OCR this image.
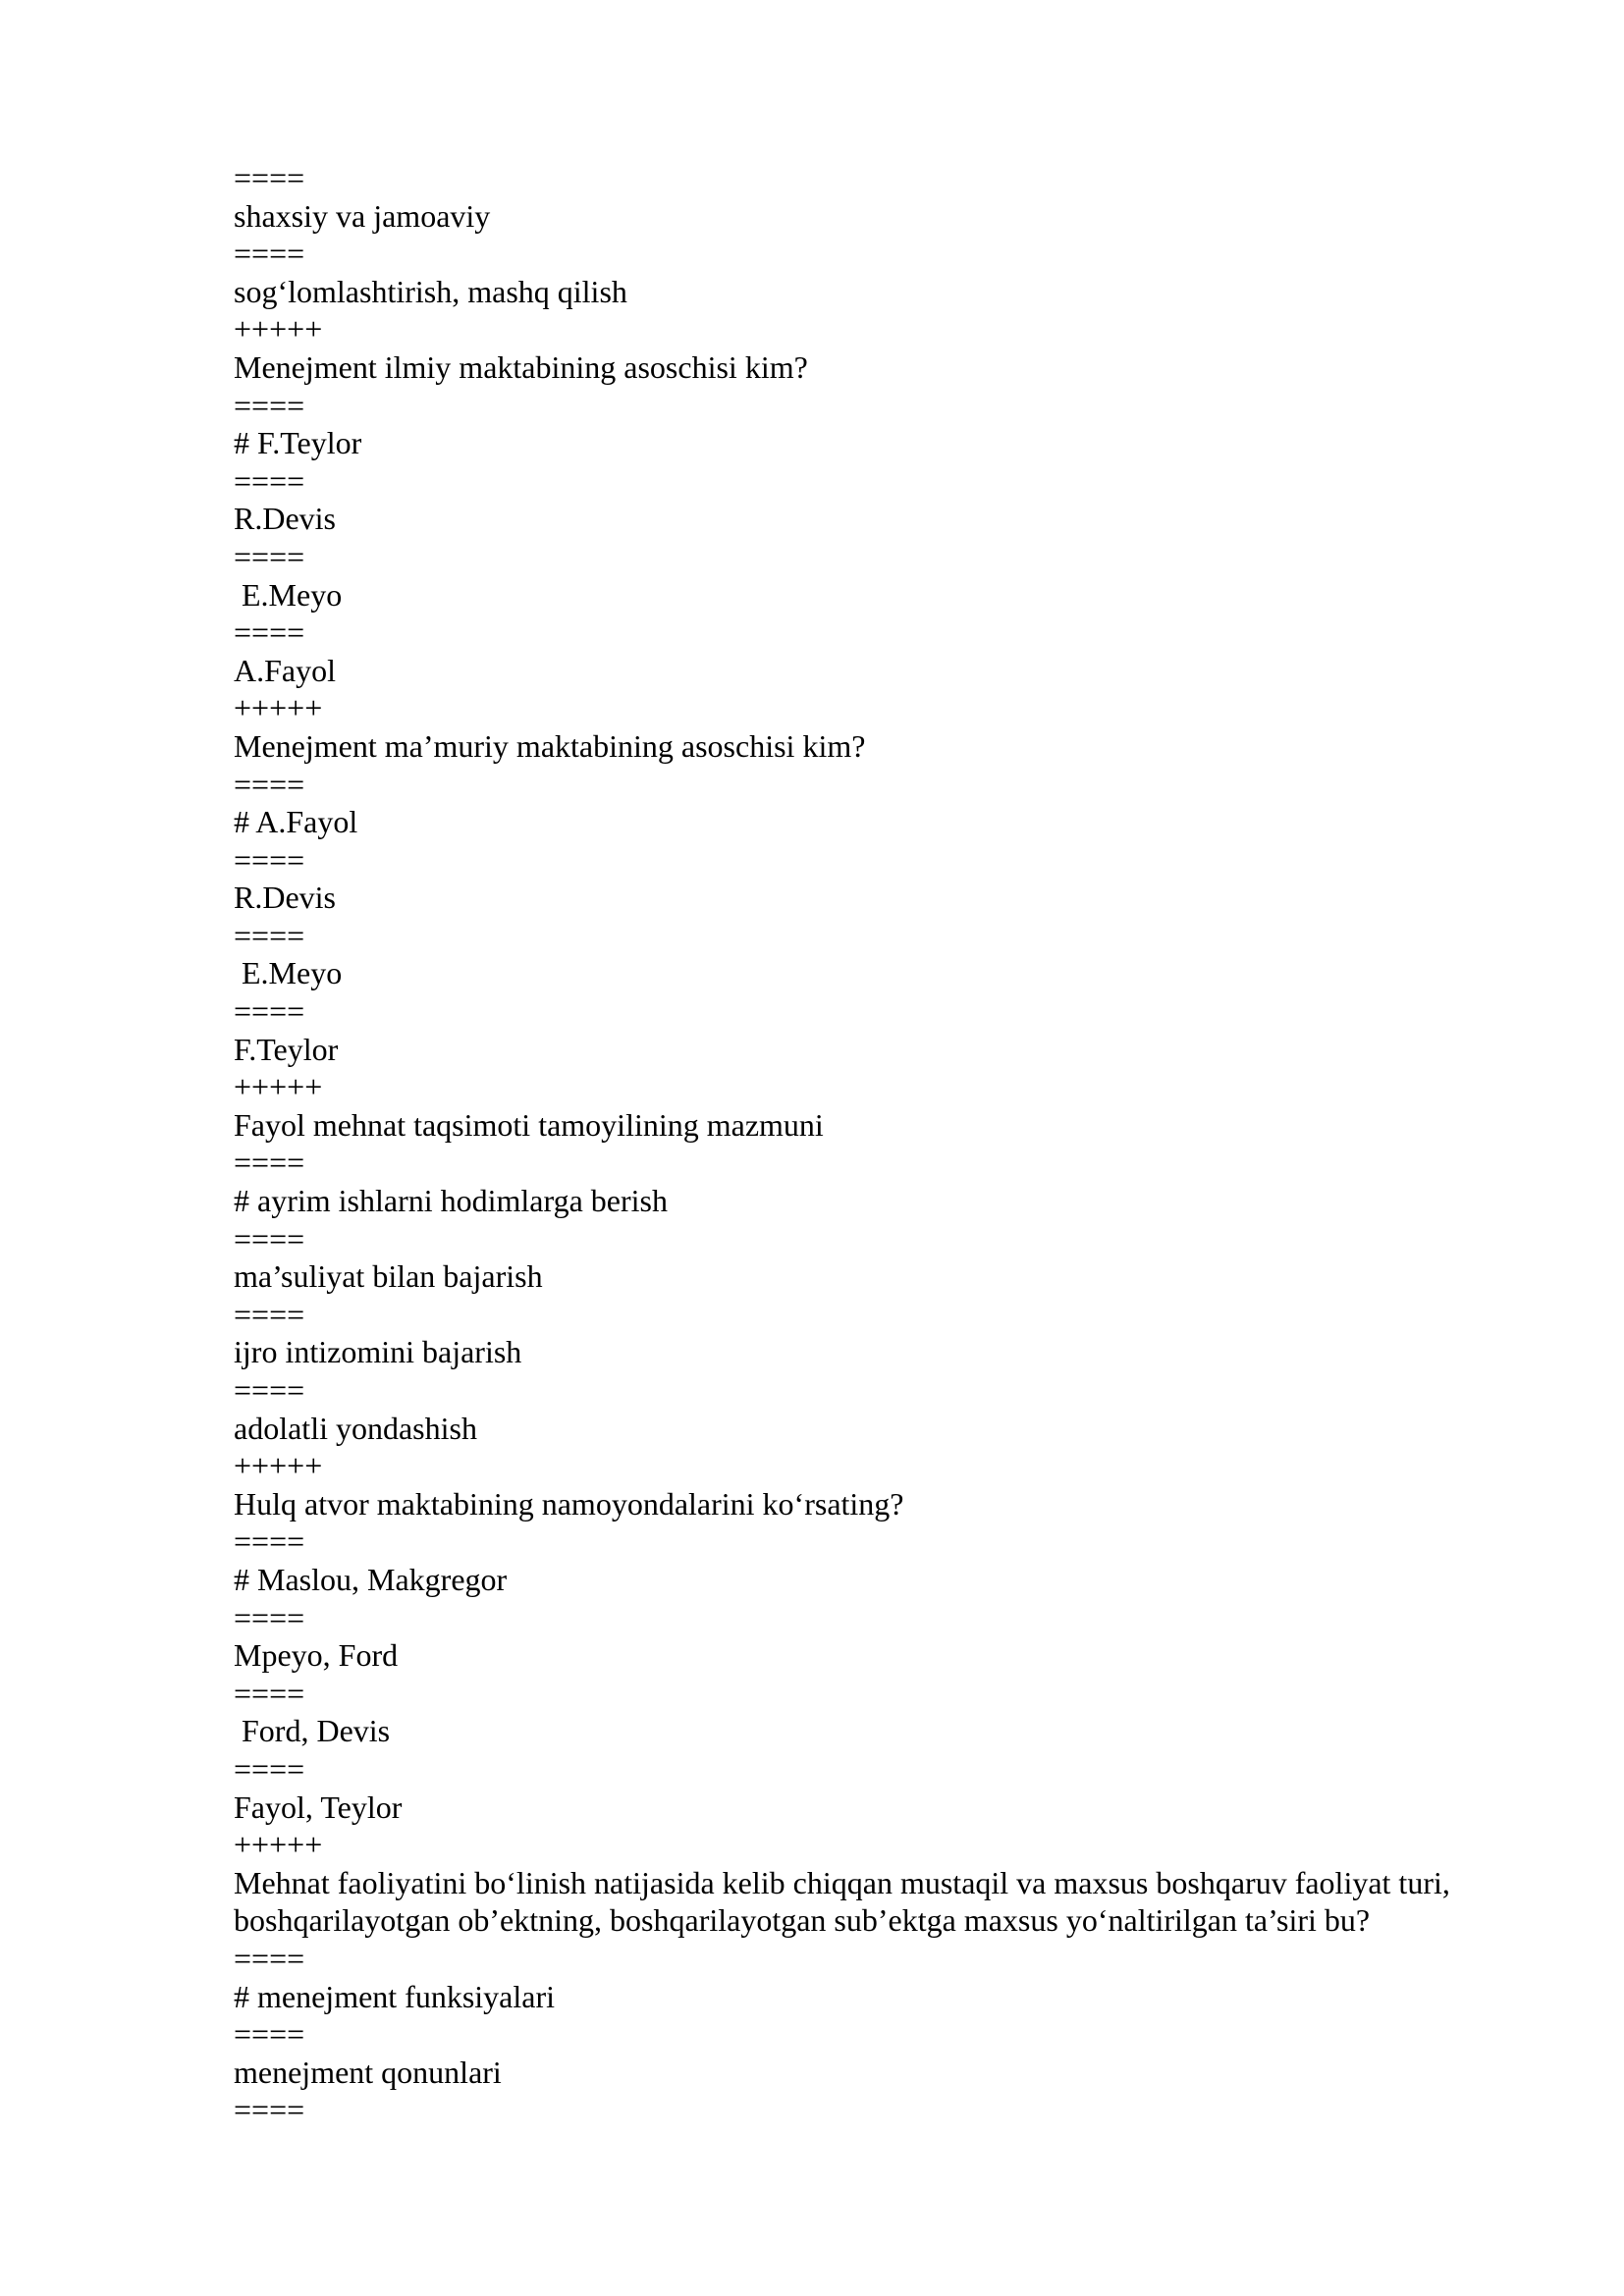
====
shaxsiy va jamoaviy
====
sog‘lomlashtirish, mashq qilish
+++++
Menejment ilmiy maktabining asoschisi kim?
====
# F.Teylor
====
R.Devis
====
E.Meyo
====
A.Fayol
+++++
Menejment ma’muriy maktabining asoschisi kim?
====
# A.Fayol
====
R.Devis
====
E.Meyo
====
F.Teylor
+++++
Fayol mehnat taqsimoti tamoyilining mazmuni
====
# ayrim ishlarni hodimlarga berish
====
ma’suliyat bilan bajarish
====
ijro intizomini bajarish
====
adolatli yondashish
+++++
Hulq atvor maktabining namoyondalarini ko‘rsating?
====
# Maslou, Makgregor
====
Mpeyo, Ford
====
Ford, Devis
====
Fayol, Teylor
+++++
Mehnat faoliyatini bo‘linish natijasida kelib chiqqan mustaqil va maxsus boshqaruv faoliyat turi, boshqarilayotgan ob’ektning, boshqarilayotgan sub’ektga maxsus yo‘naltirilgan ta’siri bu?
====
# menejment funksiyalari
====
menejment qonunlari
====
